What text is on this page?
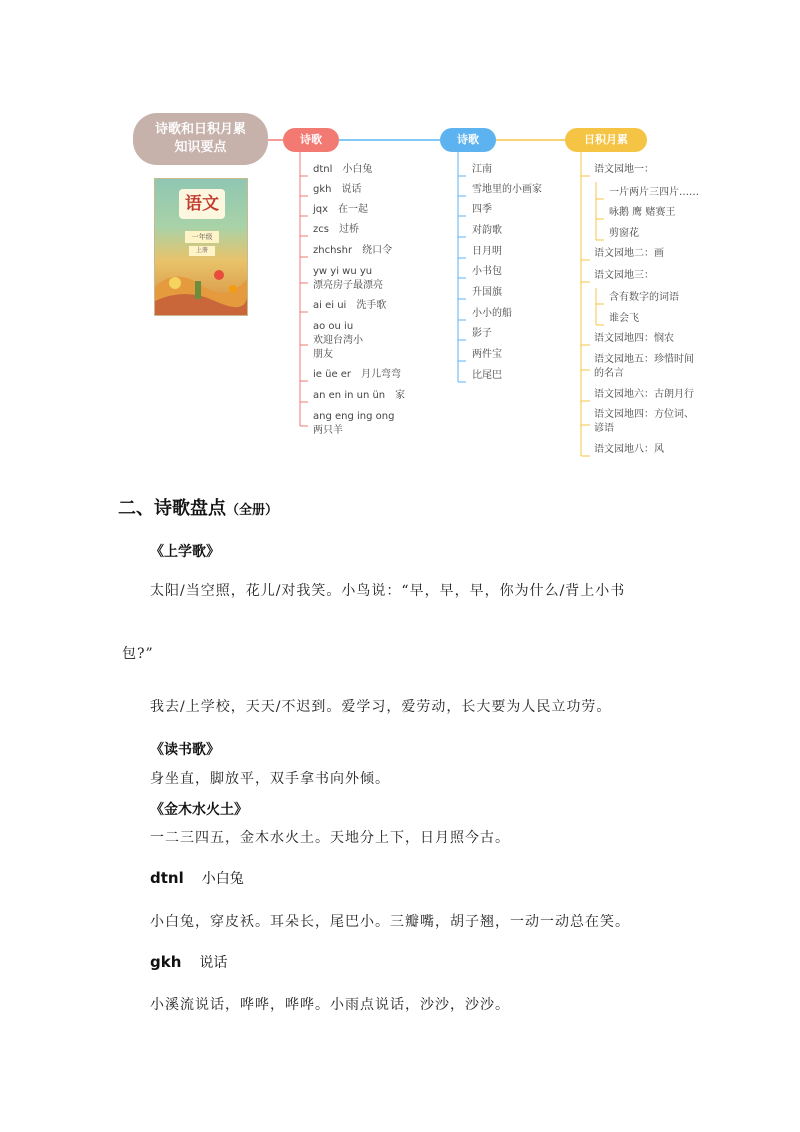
诗歌和日积月累
知识要点
诗歌	诗歌	日积月累
语文
一年级
上册
dtnl 小白兔
gkh 说话
jqx 在一起
zcs 过桥
zhchshr 绕口令
yw yi wu yu
漂亮房子最漂亮
ai ei ui 洗手歌
ao ou iu
欢迎台湾小
朋友
ie üe er 月儿弯弯
an en in un ün 家
ang eng ing ong
两只羊
江南
雪地里的小画家
四季
对韵歌
日月明
小书包
升国旗
小小的船
影子
两件宝
比尾巴
语文园地一：
一片两片三四片……
咏鹅 鹰 赌赛王
剪窗花
语文园地二：画
语文园地三：
含有数字的词语
谁会飞
语文园地四：悯农
语文园地五：珍惜时间
的名言
语文园地六：古朗月行
语文园地四：方位词、
谚语
语文园地八：风
二、诗歌盘点（全册）
《上学歌》
太阳/当空照，花儿/对我笑。小鸟说：“早，早，早，你为什么/背上小书
包?”
我去/上学校，天天/不迟到。爱学习，爱劳动，长大要为人民立功劳。
《读书歌》
身坐直，脚放平，双手拿书向外倾。
《金木水火土》
一二三四五，金木水火土。天地分上下，日月照今古。
dtnl 小白兔
小白兔，穿皮袄。耳朵长，尾巴小。三瓣嘴，胡子翘，一动一动总在笑。
gkh 说话
小溪流说话，哗哗，哗哗。小雨点说话，沙沙，沙沙。
